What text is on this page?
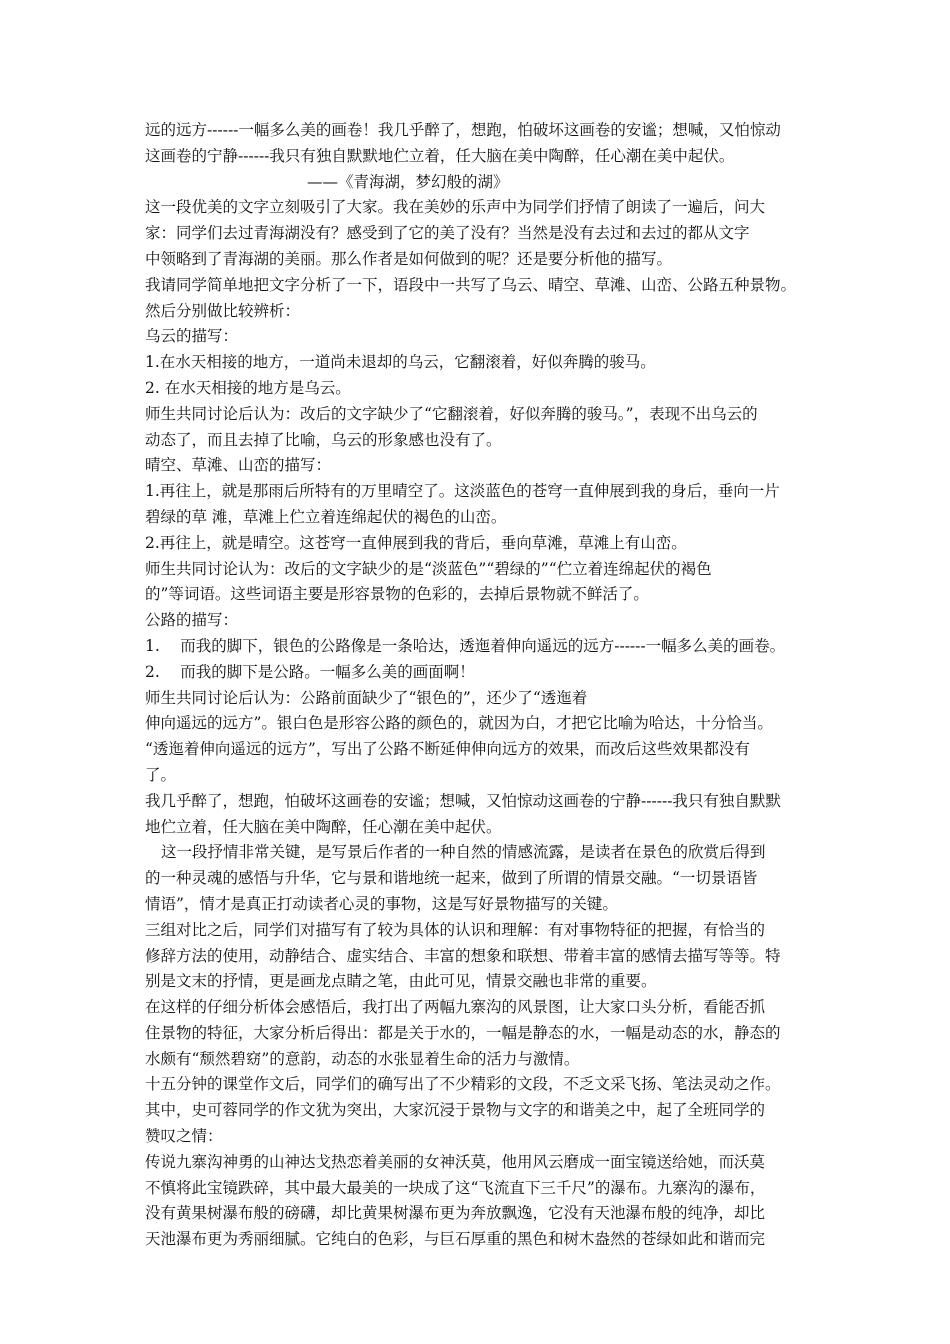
远的远方------一幅多么美的画卷！我几乎醉了，想跑，怕破坏这画卷的安谧；想喊，又怕惊动
这画卷的宁静------我只有独自默默地伫立着，任大脑在美中陶醉，任心潮在美中起伏。
——《青海湖，梦幻般的湖》
这一段优美的文字立刻吸引了大家。我在美妙的乐声中为同学们抒情了朗读了一遍后，问大
家：同学们去过青海湖没有？感受到了它的美了没有？当然是没有去过和去过的都从文字
中领略到了青海湖的美丽。那么作者是如何做到的呢？还是要分析他的描写。
我请同学简单地把文字分析了一下，语段中一共写了乌云、晴空、草滩、山峦、公路五种景物。
然后分别做比较辨析：
乌云的描写：
1.在水天相接的地方，一道尚未退却的乌云，它翻滚着，好似奔腾的骏马。
2. 在水天相接的地方是乌云。
师生共同讨论后认为：改后的文字缺少了“它翻滚着，好似奔腾的骏马。”，表现不出乌云的
动态了，而且去掉了比喻，乌云的形象感也没有了。
晴空、草滩、山峦的描写：
1.再往上，就是那雨后所特有的万里晴空了。这淡蓝色的苍穹一直伸展到我的身后，垂向一片
碧绿的草 滩，草滩上伫立着连绵起伏的褐色的山峦。
2.再往上，就是晴空。这苍穹一直伸展到我的背后，垂向草滩，草滩上有山峦。
师生共同讨论认为：改后的文字缺少的是“淡蓝色”“碧绿的”“伫立着连绵起伏的褐色
的”等词语。这些词语主要是形容景物的色彩的，去掉后景物就不鲜活了。
公路的描写：
1.　 而我的脚下，银色的公路像是一条哈达，透迤着伸向遥远的远方------一幅多么美的画卷。
2.　 而我的脚下是公路。一幅多么美的画面啊！
师生共同讨论后认为：公路前面缺少了“银色的”，还少了“透迤着
伸向遥远的远方”。银白色是形容公路的颜色的，就因为白，才把它比喻为哈达，十分恰当。
“透迤着伸向遥远的远方”，写出了公路不断延伸伸向远方的效果，而改后这些效果都没有
了。
我几乎醉了，想跑，怕破坏这画卷的安谧；想喊，又怕惊动这画卷的宁静------我只有独自默默
地伫立着，任大脑在美中陶醉，任心潮在美中起伏。
这一段抒情非常关键，是写景后作者的一种自然的情感流露，是读者在景色的欣赏后得到
的一种灵魂的感悟与升华，它与景和谐地统一起来，做到了所谓的情景交融。“一切景语皆
情语”，情才是真正打动读者心灵的事物，这是写好景物描写的关键。
三组对比之后，同学们对描写有了较为具体的认识和理解：有对事物特征的把握，有恰当的
修辞方法的使用，动静结合、虚实结合、丰富的想象和联想、带着丰富的感情去描写等等。特
别是文末的抒情，更是画龙点睛之笔，由此可见，情景交融也非常的重要。
在这样的仔细分析体会感悟后，我打出了两幅九寨沟的风景图，让大家口头分析，看能否抓
住景物的特征，大家分析后得出：都是关于水的，一幅是静态的水，一幅是动态的水，静态的
水颇有“颓然碧窈”的意韵，动态的水张显着生命的活力与激情。
十五分钟的课堂作文后，同学们的确写出了不少精彩的文段，不乏文采飞扬、笔法灵动之作。
其中，史可蓉同学的作文犹为突出，大家沉浸于景物与文字的和谐美之中，起了全班同学的
赞叹之情：
传说九寨沟神勇的山神达戈热恋着美丽的女神沃莫，他用风云磨成一面宝镜送给她，而沃莫
不慎将此宝镜跌碎，其中最大最美的一块成了这“飞流直下三千尺”的瀑布。九寨沟的瀑布，
没有黄果树瀑布般的磅礴，却比黄果树瀑布更为奔放飘逸，它没有天池瀑布般的纯净，却比
天池瀑布更为秀丽细腻。它纯白的色彩，与巨石厚重的黑色和树木盎然的苍绿如此和谐而完
